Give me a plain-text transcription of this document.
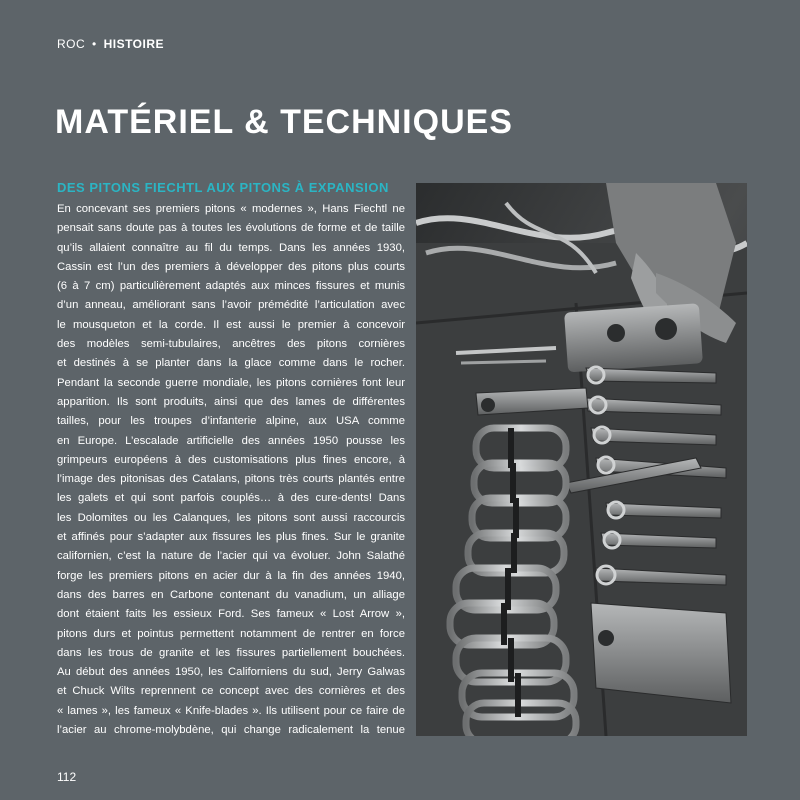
ROC • HISTOIRE
MATÉRIEL & TECHNIQUES
DES PITONS FIECHTL AUX PITONS À EXPANSION

En concevant ses premiers pitons « modernes », Hans Fiechtl ne
pensait sans doute pas à toutes les évolutions de forme et de taille
qu’ils allaient connaître au fil du temps. Dans les années 1930,
Cassin est l’un des premiers à développer des pitons plus courts
(6 à 7 cm) particulièrement adaptés aux minces fissures et munis
d’un anneau, améliorant sans l’avoir prémédité l’articulation avec
le mousqueton et la corde. Il est aussi le premier à concevoir
des modèles semi-tubulaires, ancêtres des pitons cornières
et destinés à se planter dans la glace comme dans le rocher.
Pendant la seconde guerre mondiale, les pitons cornières font leur
apparition. Ils sont produits, ainsi que des lames de différentes
tailles, pour les troupes d’infanterie alpine, aux USA comme
en Europe. L’escalade artificielle des années 1950 pousse les
grimpeurs européens à des customisations plus fines encore, à
l’image des pitonisas des Catalans, pitons très courts plantés entre
les galets et qui sont parfois couplés… à des cure-dents! Dans
les Dolomites ou les Calanques, les pitons sont aussi raccourcis
et affinés pour s’adapter aux fissures les plus fines. Sur le granite
californien, c’est la nature de l’acier qui va évoluer. John Salathé
forge les premiers pitons en acier dur à la fin des années 1940,
dans des barres en Carbone contenant du vanadium, un alliage
dont étaient faits les essieux Ford. Ses fameux « Lost Arrow »,
pitons durs et pointus permettent notamment de rentrer en force
dans les trous de granite et les fissures partiellement bouchées.
Au début des années 1950, les Californiens du sud, Jerry Galwas
et Chuck Wilts reprennent ce concept avec des cornières et des
« lames », les fameux « Knife-blades ». Ils utilisent pour ce faire de
l’acier au chrome-molybdène, qui change radicalement la tenue

112
